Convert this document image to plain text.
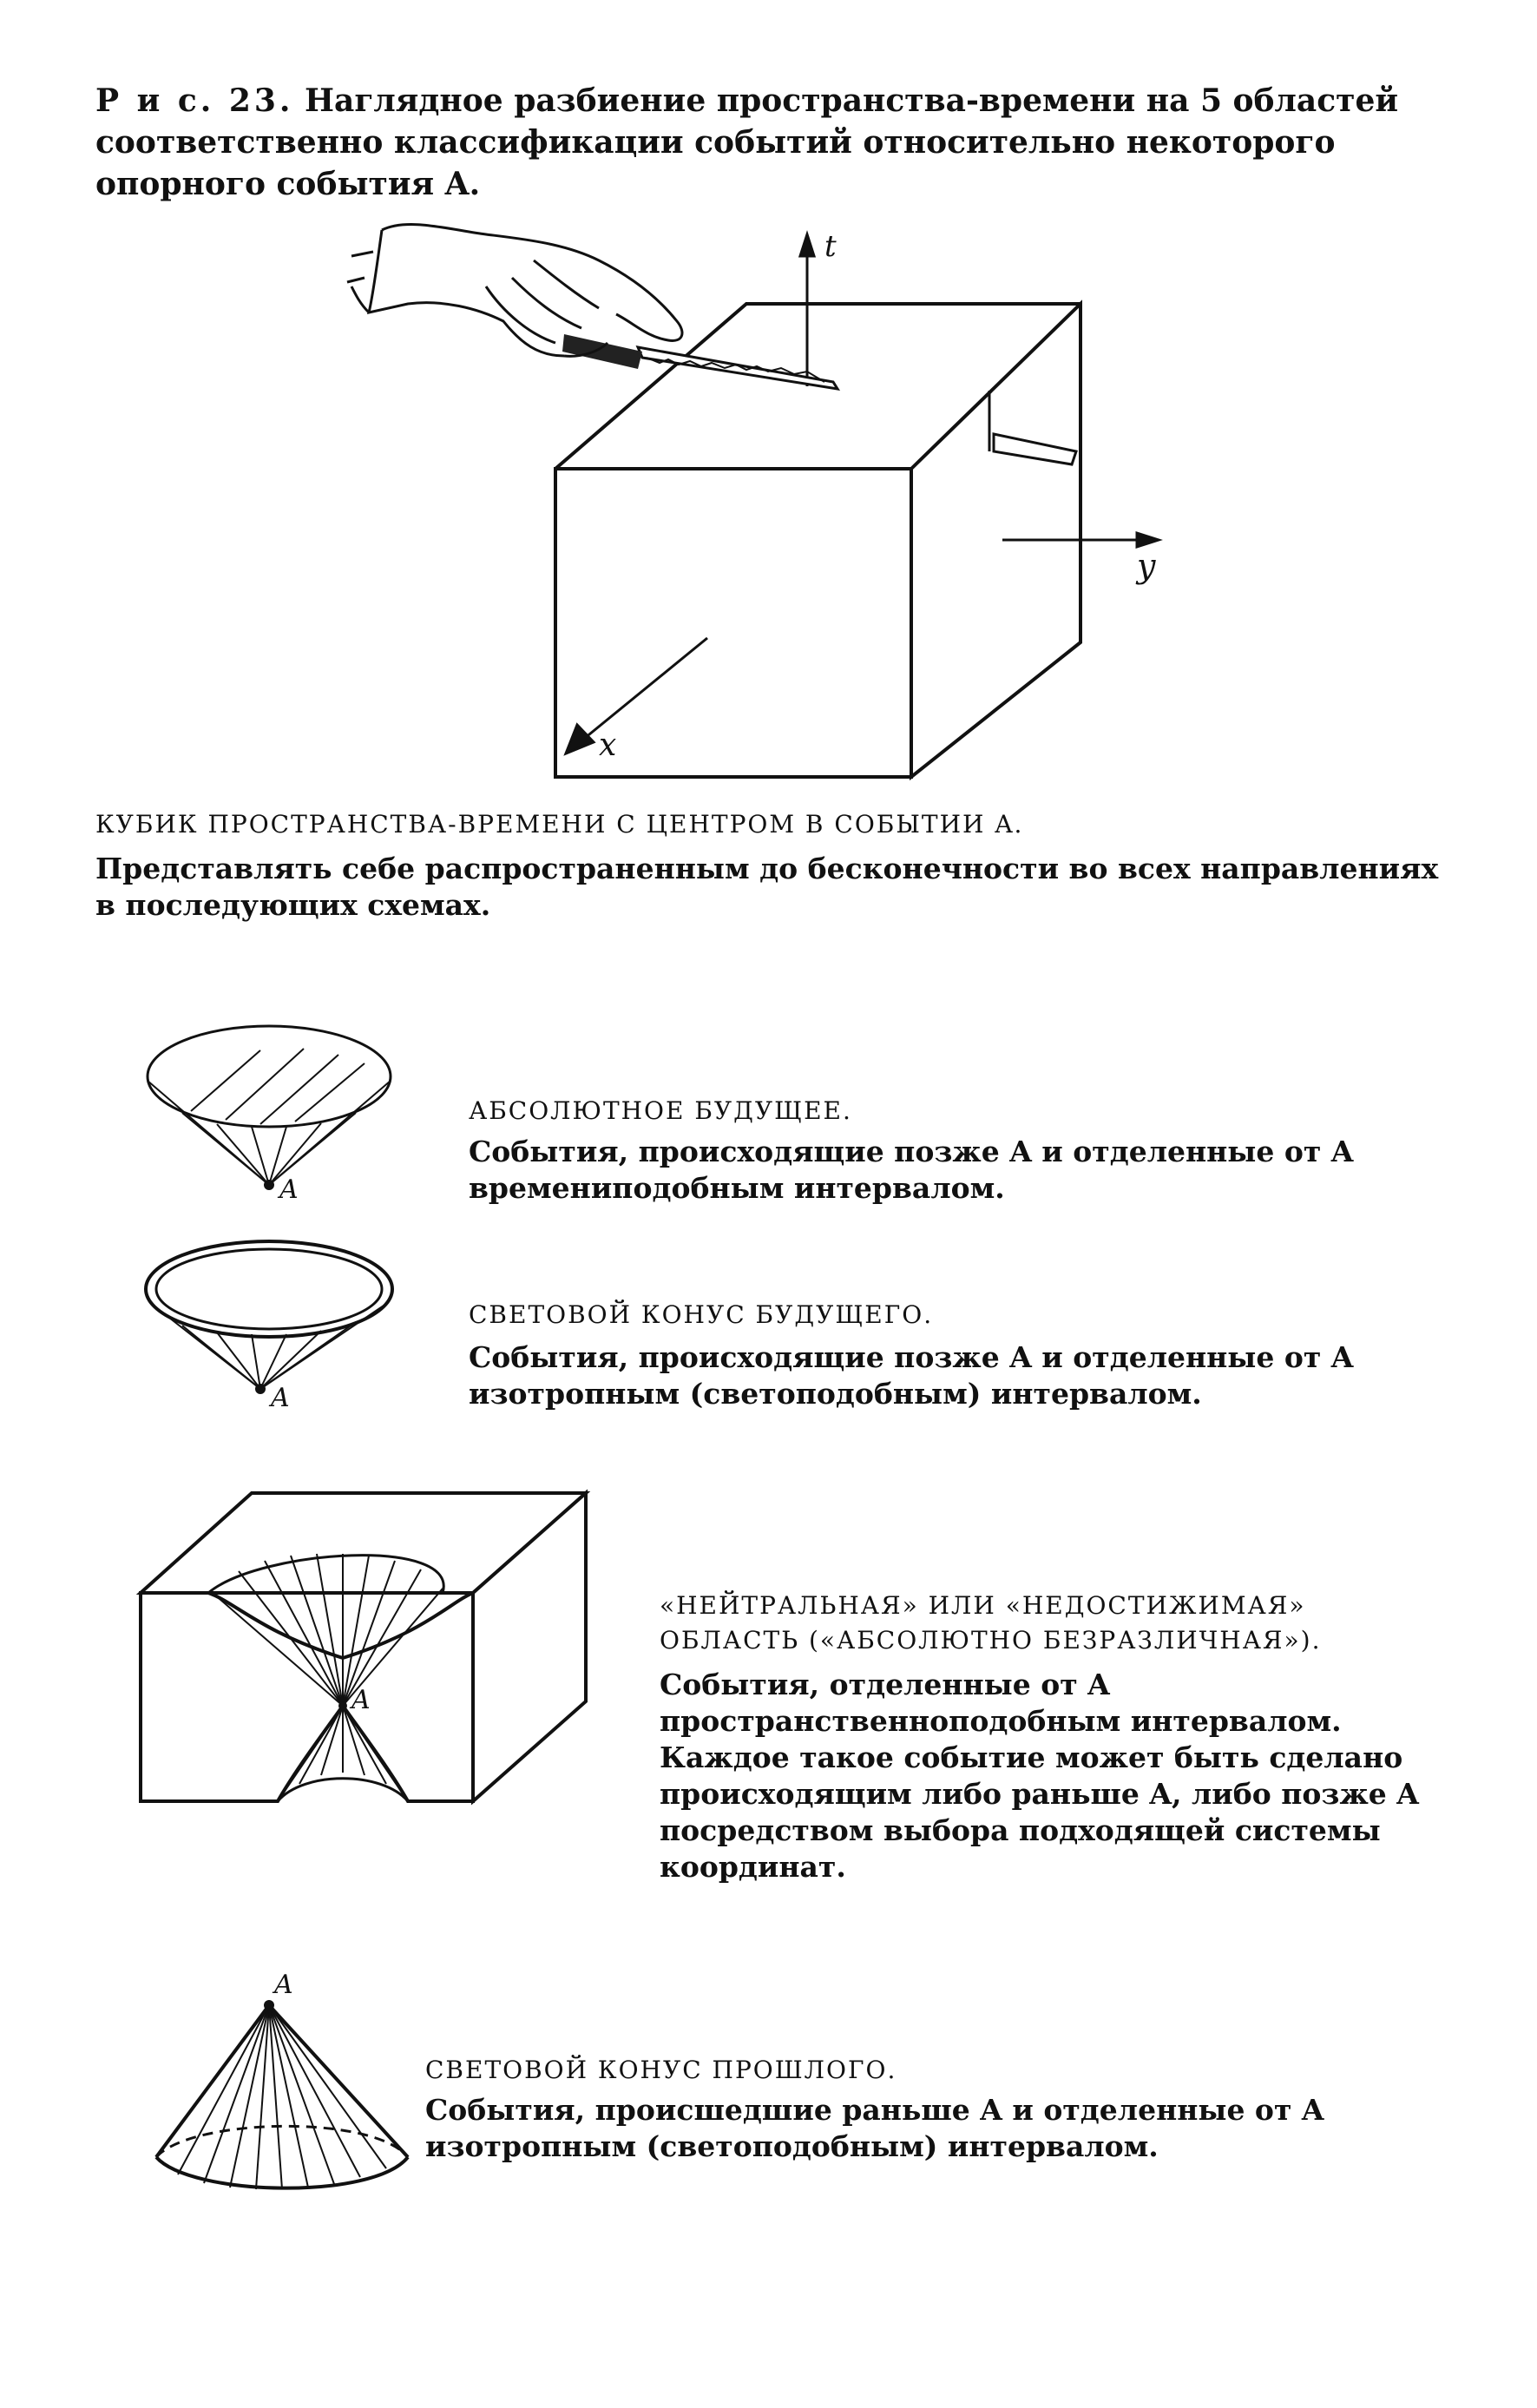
Р и с. 23. Наглядное разбиение пространства-времени на 5 областей соответственно классификации событий относительно некоторого опорного события A.
t
y
x
КУБИК ПРОСТРАНСТВА-ВРЕМЕНИ С ЦЕНТРОМ В СОБЫТИИ A.
Представлять себе распространенным до бесконечности во всех направлениях в последующих схемах.
A
АБСОЛЮТНОЕ БУДУЩЕЕ.
События, происходящие позже A и отделенные от A времениподобным интервалом.
A
СВЕТОВОЙ КОНУС БУДУЩЕГО.
События, происходящие позже A и отделенные от A изотропным (светоподобным) интервалом.
A
«НЕЙТРАЛЬНАЯ» ИЛИ «НЕДОСТИЖИМАЯ» ОБЛАСТЬ («АБСОЛЮТНО БЕЗРАЗЛИЧНАЯ»).
События, отделенные от A пространственноподобным интервалом.
Каждое такое событие может быть сделано происходящим либо раньше A, либо позже A посредством выбора подходящей системы координат.
A
СВЕТОВОЙ КОНУС ПРОШЛОГО.
События, происшедшие раньше A и отделенные от A изотропным (светоподобным) интервалом.
